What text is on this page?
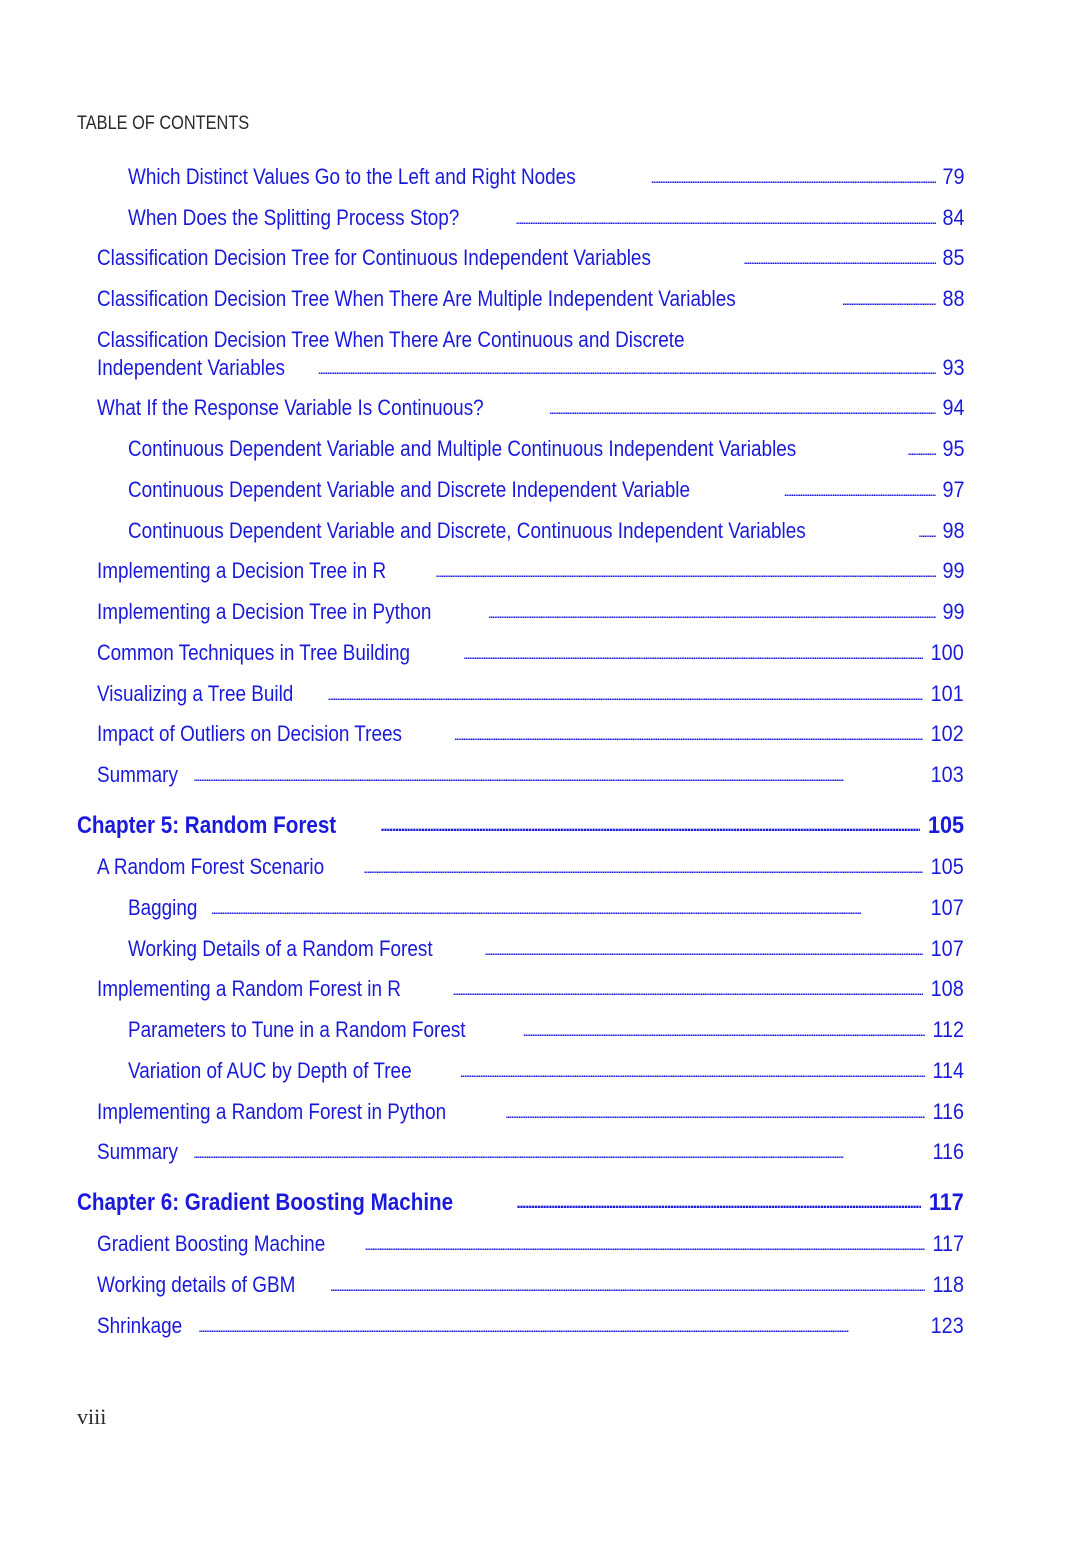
TABLE OF CONTENTS
Which Distinct Values Go to the Left and Right Nodes . . .	79
When Does the Splitting Process Stop? . . .	84
Classification Decision Tree for Continuous Independent Variables . . .	85
Classification Decision Tree When There Are Multiple Independent Variables . . .	88
Classification Decision Tree When There Are Continuous and Discrete
Independent Variables . . .	93
What If the Response Variable Is Continuous? . . .	94
Continuous Dependent Variable and Multiple Continuous Independent Variables . . .	95
Continuous Dependent Variable and Discrete Independent Variable . . .	97
Continuous Dependent Variable and Discrete, Continuous Independent Variables . . .	98
Implementing a Decision Tree in R . . .	99
Implementing a Decision Tree in Python . . .	99
Common Techniques in Tree Building . . .	100
Visualizing a Tree Build . . .	101
Impact of Outliers on Decision Trees . . .	102
Summary . . .	103
Chapter 5: Random Forest . . .	105
A Random Forest Scenario . . .	105
Bagging . . .	107
Working Details of a Random Forest . . .	107
Implementing a Random Forest in R . . .	108
Parameters to Tune in a Random Forest . . .	112
Variation of AUC by Depth of Tree . . .	114
Implementing a Random Forest in Python . . .	116
Summary . . .	116
Chapter 6: Gradient Boosting Machine . . .	117
Gradient Boosting Machine . . .	117
Working details of GBM . . .	118
Shrinkage . . .	123
viii
